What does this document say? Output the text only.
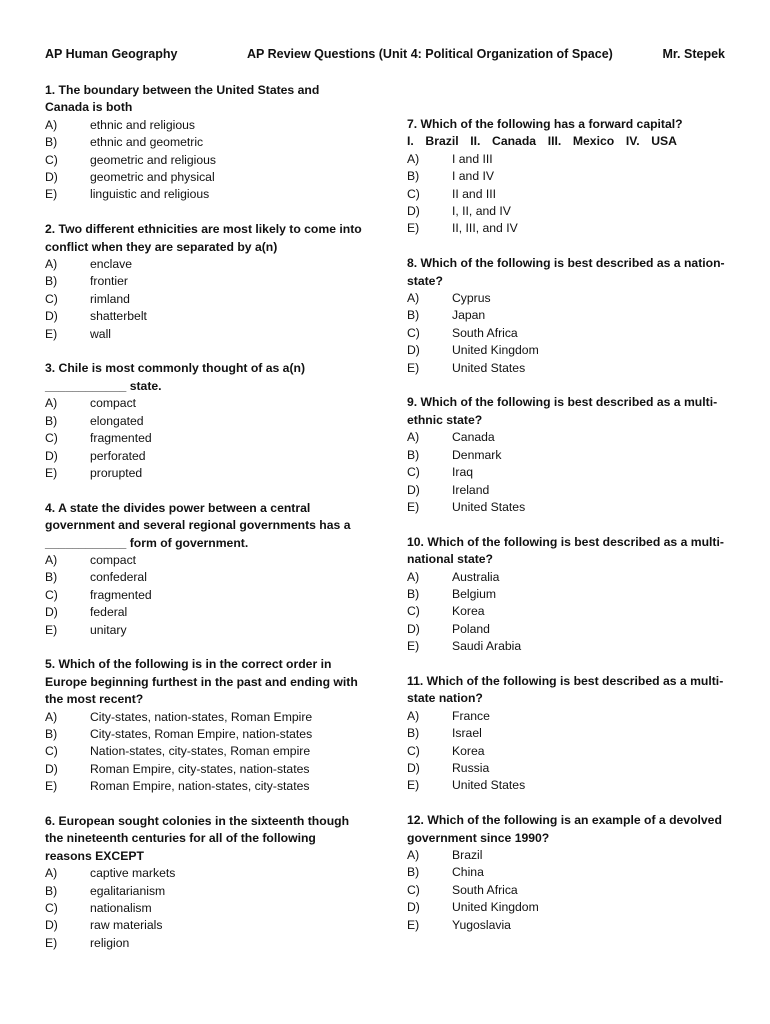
AP Human Geography	AP Review Questions (Unit 4: Political Organization of Space)	Mr. Stepek
1. The boundary between the United States and Canada is both
A)	ethnic and religious
B)	ethnic and geometric
C)	geometric and religious
D)	geometric and physical
E)	linguistic and religious
2. Two different ethnicities are most likely to come into conflict when they are separated by a(n)
A)	enclave
B)	frontier
C)	rimland
D)	shatterbelt
E)	wall
3. Chile is most commonly thought of as a(n) ____________ state.
A)	compact
B)	elongated
C)	fragmented
D)	perforated
E)	prorupted
4. A state the divides power between a central government and several regional governments has a ____________ form of government.
A)	compact
B)	confederal
C)	fragmented
D)	federal
E)	unitary
5. Which of the following is in the correct order in Europe beginning furthest in the past and ending with the most recent?
A)	City-states, nation-states, Roman Empire
B)	City-states, Roman Empire, nation-states
C)	Nation-states, city-states, Roman empire
D)	Roman Empire, city-states, nation-states
E)	Roman Empire, nation-states, city-states
6. European sought colonies in the sixteenth though the nineteenth centuries for all of the following reasons EXCEPT
A)	captive markets
B)	egalitarianism
C)	nationalism
D)	raw materials
E)	religion
7. Which of the following has a forward capital?
I. Brazil II. Canada III. Mexico IV. USA
A)	I and III
B)	I and IV
C)	II and III
D)	I, II, and IV
E)	II, III, and IV
8. Which of the following is best described as a nation-state?
A)	Cyprus
B)	Japan
C)	South Africa
D)	United Kingdom
E)	United States
9. Which of the following is best described as a multi-ethnic state?
A)	Canada
B)	Denmark
C)	Iraq
D)	Ireland
E)	United States
10. Which of the following is best described as a multi-national state?
A)	Australia
B)	Belgium
C)	Korea
D)	Poland
E)	Saudi Arabia
11. Which of the following is best described as a multi-state nation?
A)	France
B)	Israel
C)	Korea
D)	Russia
E)	United States
12. Which of the following is an example of a devolved government since 1990?
A)	Brazil
B)	China
C)	South Africa
D)	United Kingdom
E)	Yugoslavia
